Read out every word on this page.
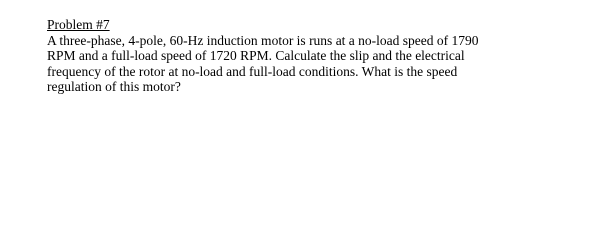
Problem #7
A three-phase, 4-pole, 60-Hz induction motor is runs at a no-load speed of 1790
RPM and a full-load speed of 1720 RPM. Calculate the slip and the electrical
frequency of the rotor at no-load and full-load conditions. What is the speed
regulation of this motor?
